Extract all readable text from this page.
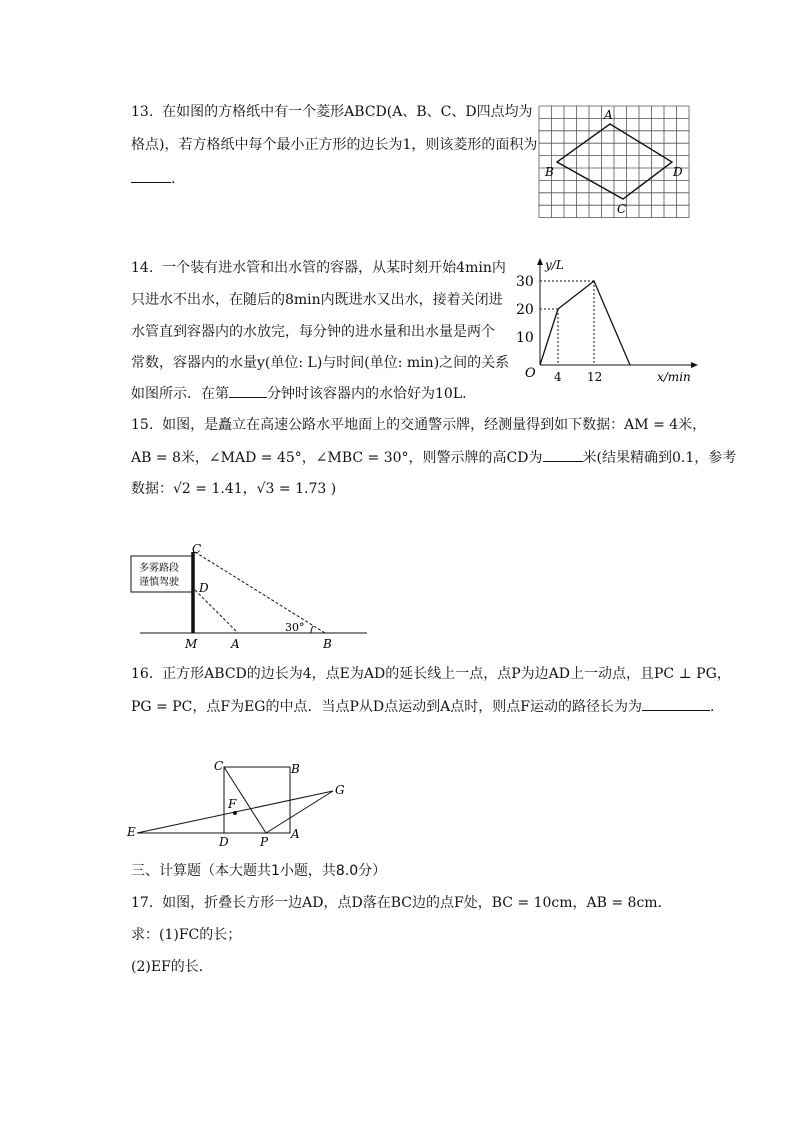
13. 在如图的方格纸中有一个菱形ABCD(A、B、C、D四点均为
格点)，若方格纸中每个最小正方形的边长为1，则该菱形的面积为
.
A
B
C
D
14. 一个装有进水管和出水管的容器，从某时刻开始4min内
只进水不出水，在随后的8min内既进水又出水，接着关闭进
水管直到容器内的水放完，每分钟的进水量和出水量是两个
常数，容器内的水量y(单位: L)与时间(单位: min)之间的关系
如图所示．在第	分钟时该容器内的水恰好为10L.
y/L
x/min
O
10
20
30
4 12
15. 如图，是矗立在高速公路水平地面上的交通警示牌，经测量得到如下数据：AM = 4米，
AB = 8米，∠MAD = 45°，∠MBC = 30°，则警示牌的高CD为	米(结果精确到0.1，参考
数据：√2 = 1.41，√3 = 1.73 )
多雾路段
谨慎驾驶
30°
C
D
M	A	B
16. 正方形ABCD的边长为4，点E为AD的延长线上一点，点P为边AD上一动点，且PC ⊥ PG，
PG = PC，点F为EG的中点．当点P从D点运动到A点时，则点F运动的路径长为为	.
C	B
F
G
E
D	P
A
三、计算题（本大题共1小题，共8.0分）
17. 如图，折叠长方形一边AD，点D落在BC边的点F处，BC = 10cm，AB = 8cm．
求：(1)FC的长；
(2)EF的长．
